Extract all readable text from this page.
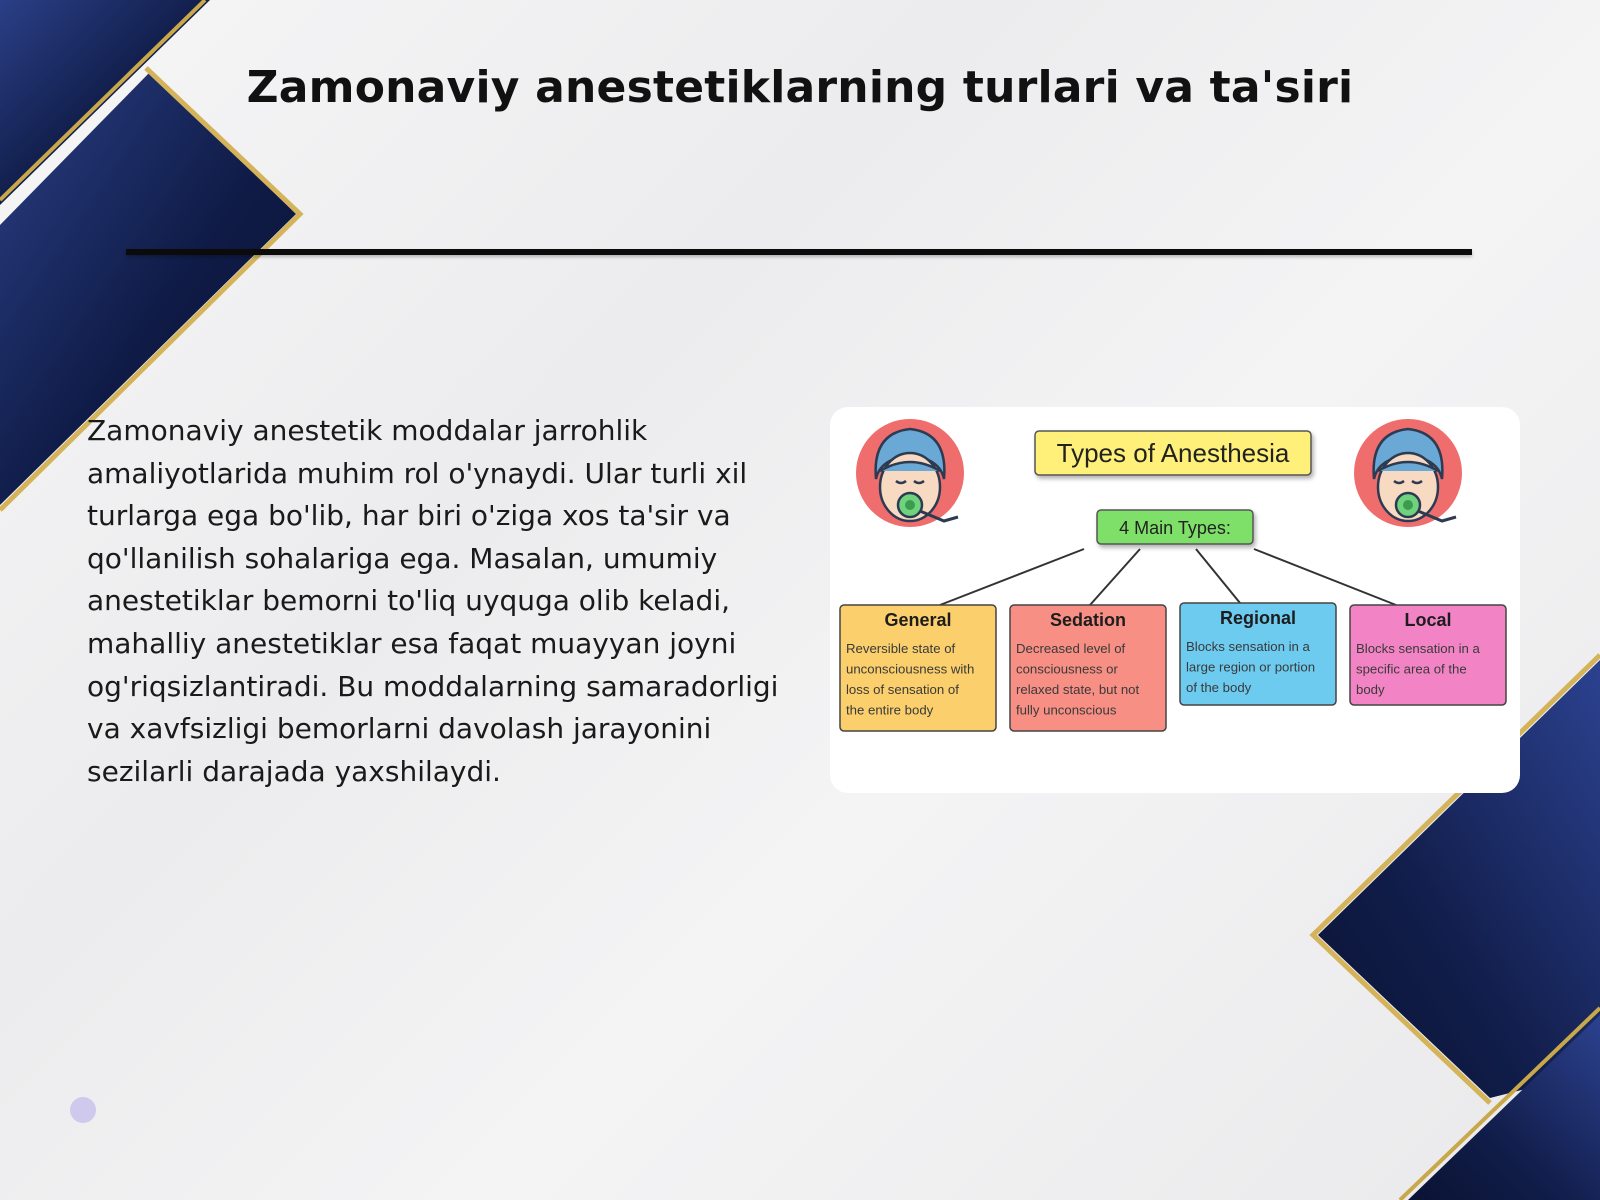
Zamonaviy anestetiklarning turlari va ta'siri
Zamonaviy anestetik moddalar jarrohlik amaliyotlarida muhim rol o'ynaydi. Ular turli xil turlarga ega bo'lib, har biri o'ziga xos ta'sir va qo'llanilish sohalariga ega. Masalan, umumiy anestetiklar bemorni to'liq uyquga olib keladi, mahalliy anestetiklar esa faqat muayyan joyni og'riqsizlantiradi. Bu moddalarning samaradorligi va xavfsizligi bemorlarni davolash jarayonini sezilarli darajada yaxshilaydi.
Types of Anesthesia
4 Main Types:
General
Reversible state of
unconsciousness with
loss of sensation of
the entire body
Sedation
Decreased level of
consciousness or
relaxed state, but not
fully unconscious
Regional
Blocks sensation in a
large region or portion
of the body
Local
Blocks sensation in a
specific area of the
body
